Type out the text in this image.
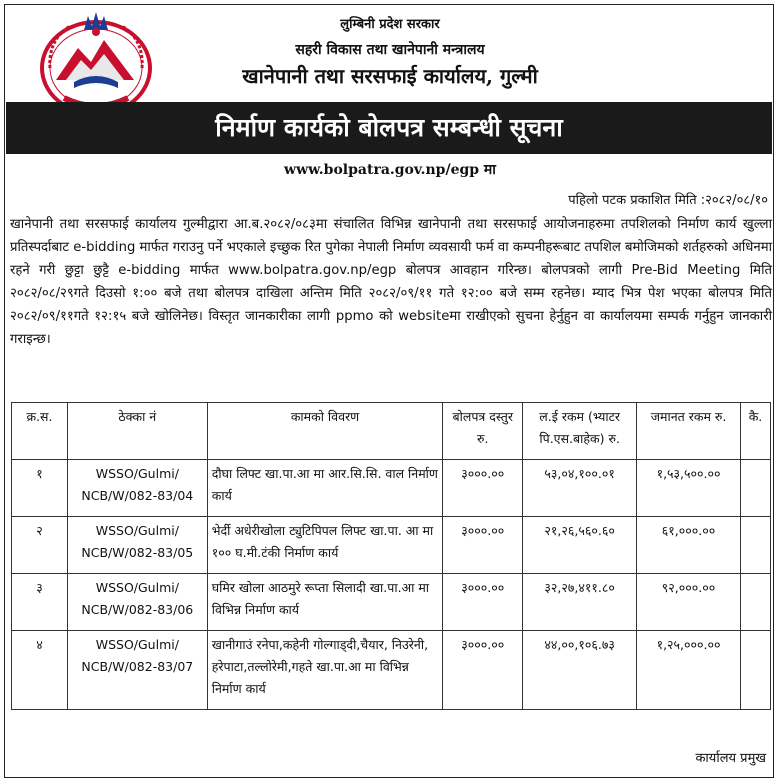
लुम्बिनी प्रदेश सरकार
सहरी विकास तथा खानेपानी मन्त्रालय
खानेपानी तथा सरसफाई कार्यालय, गुल्मी
निर्माण कार्यको बोलपत्र सम्बन्धी सूचना
www.bolpatra.gov.np/egp मा
पहिलो पटक प्रकाशित मिति :२०८२/०८/१०

खानेपानी तथा सरसफाई कार्यालय गुल्मीद्वारा आ.ब.२०८२/०८३मा संचालित विभिन्न खानेपानी तथा सरसफाई आयोजनाहरुमा तपशिलको निर्माण कार्य खुल्ला प्रतिस्पर्दाबाट e-bidding मार्फत गराउनु पर्ने भएकाले इच्छुक रित पुगेका नेपाली निर्माण व्यवसायी फर्म वा कम्पनीहरूबाट तपशिल बमोजिमको शर्तहरुको अधिनमा रहने गरी छुट्टा छुट्टै e-bidding मार्फत www.bolpatra.gov.np/egp बोलपत्र आवहान गरिन्छ। बोलपत्रको लागी Pre-Bid Meeting मिति २०८२/०८/२९गते दिउसो १:०० बजे तथा बोलपत्र दाखिला अन्तिम मिति २०८२/०९/११ गते १२:०० बजे सम्म रहनेछ। म्याद भित्र पेश भएका बोलपत्र मिति २०८२/०९/११गते १२:१५ बजे खोलिनेछ। विस्तृत जानकारीका लागी ppmo को websiteमा राखीएको सुचना हेर्नुहुन वा कार्यालयमा सम्पर्क गर्नुहुन जानकारी गराइन्छ।

क्र.स.	ठेक्का नं	कामको विवरण	बोलपत्र दस्तुर रु.	ल.ई रकम (भ्याटर पि.एस.बाहेक) रु.	जमानत रकम रु.	कै.
१	WSSO/Gulmi/ NCB/W/082-83/04	दौघा लिफ्ट खा.पा.आ मा आर.सि.सि. वाल निर्माण कार्य	३०००.००	५३,०४,१००.०१	१,५३,५००.००	
२	WSSO/Gulmi/ NCB/W/082-83/05	भेर्दी अधेरीखोला ट्युटिपिपल लिफ्ट खा.पा. आ मा १०० घ.मी.टंकी निर्माण कार्य	३०००.००	२१,२६,५६०.६०	६१,०००.००	
३	WSSO/Gulmi/ NCB/W/082-83/06	घमिर खोला आठमुरे रूप्ता सिलादी खा.पा.आ मा विभिन्न निर्माण कार्य	३०००.००	३२,२७,४११.८०	९२,०००.००	
४	WSSO/Gulmi/ NCB/W/082-83/07	खानीगाउं रनेपा,कहेनी गोल्गाड्दी,चैयार, निउरेनी, हरेपाटा,तल्लोरेमी,गहते खा.पा.आ मा विभिन्न निर्माण कार्य	३०००.००	४४,००,१०६.७३	१,२५,०००.००	
कार्यालय प्रमुख
